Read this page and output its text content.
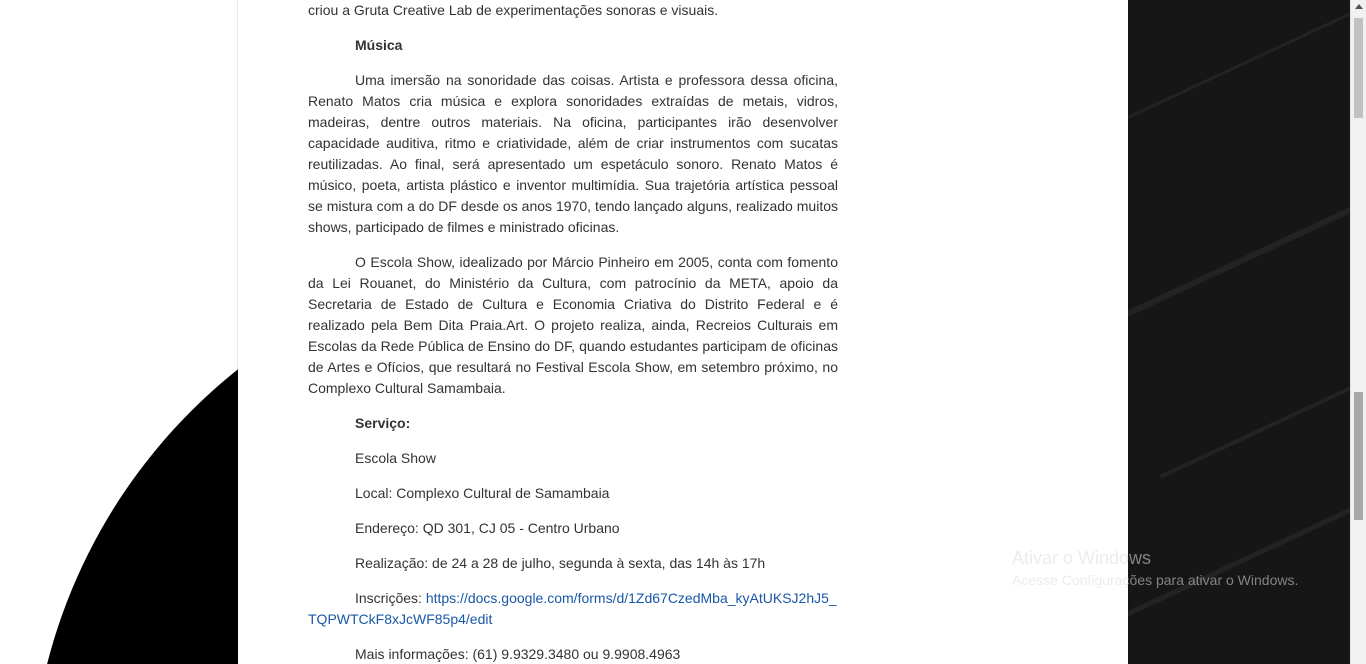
criou a Gruta Creative Lab de experimentações sonoras e visuais.

Música

Uma imersão na sonoridade das coisas. Artista e professora dessa oficina, Renato Matos cria música e explora sonoridades extraídas de metais, vidros, madeiras, dentre outros materiais. Na oficina, participantes irão desenvolver capacidade auditiva, ritmo e criatividade, além de criar instrumentos com sucatas reutilizadas. Ao final, será apresentado um espetáculo sonoro. Renato Matos é músico, poeta, artista plástico e inventor multimídia. Sua trajetória artística pessoal se mistura com a do DF desde os anos 1970, tendo lançado alguns, realizado muitos shows, participado de filmes e ministrado oficinas.

O Escola Show, idealizado por Márcio Pinheiro em 2005, conta com fomento da Lei Rouanet, do Ministério da Cultura, com patrocínio da META, apoio da Secretaria de Estado de Cultura e Economia Criativa do Distrito Federal e é realizado pela Bem Dita Praia.Art. O projeto realiza, ainda, Recreios Culturais em Escolas da Rede Pública de Ensino do DF, quando estudantes participam de oficinas de Artes e Ofícios, que resultará no Festival Escola Show, em setembro próximo, no Complexo Cultural Samambaia.

Serviço:

Escola Show

Local: Complexo Cultural de Samambaia

Endereço: QD 301, CJ 05 - Centro Urbano

Realização: de 24 a 28 de julho, segunda à sexta, das 14h às 17h

Inscrições: https://docs.google.com/forms/d/1Zd67CzedMba_kyAtUKSJ2hJ5_TQPWTCkF8xJcWF85p4/edit

Mais informações: (61) 9.9329.3480 ou 9.9908.4963

Ativar o Windows
Acesse Configurações para ativar o Windows.
